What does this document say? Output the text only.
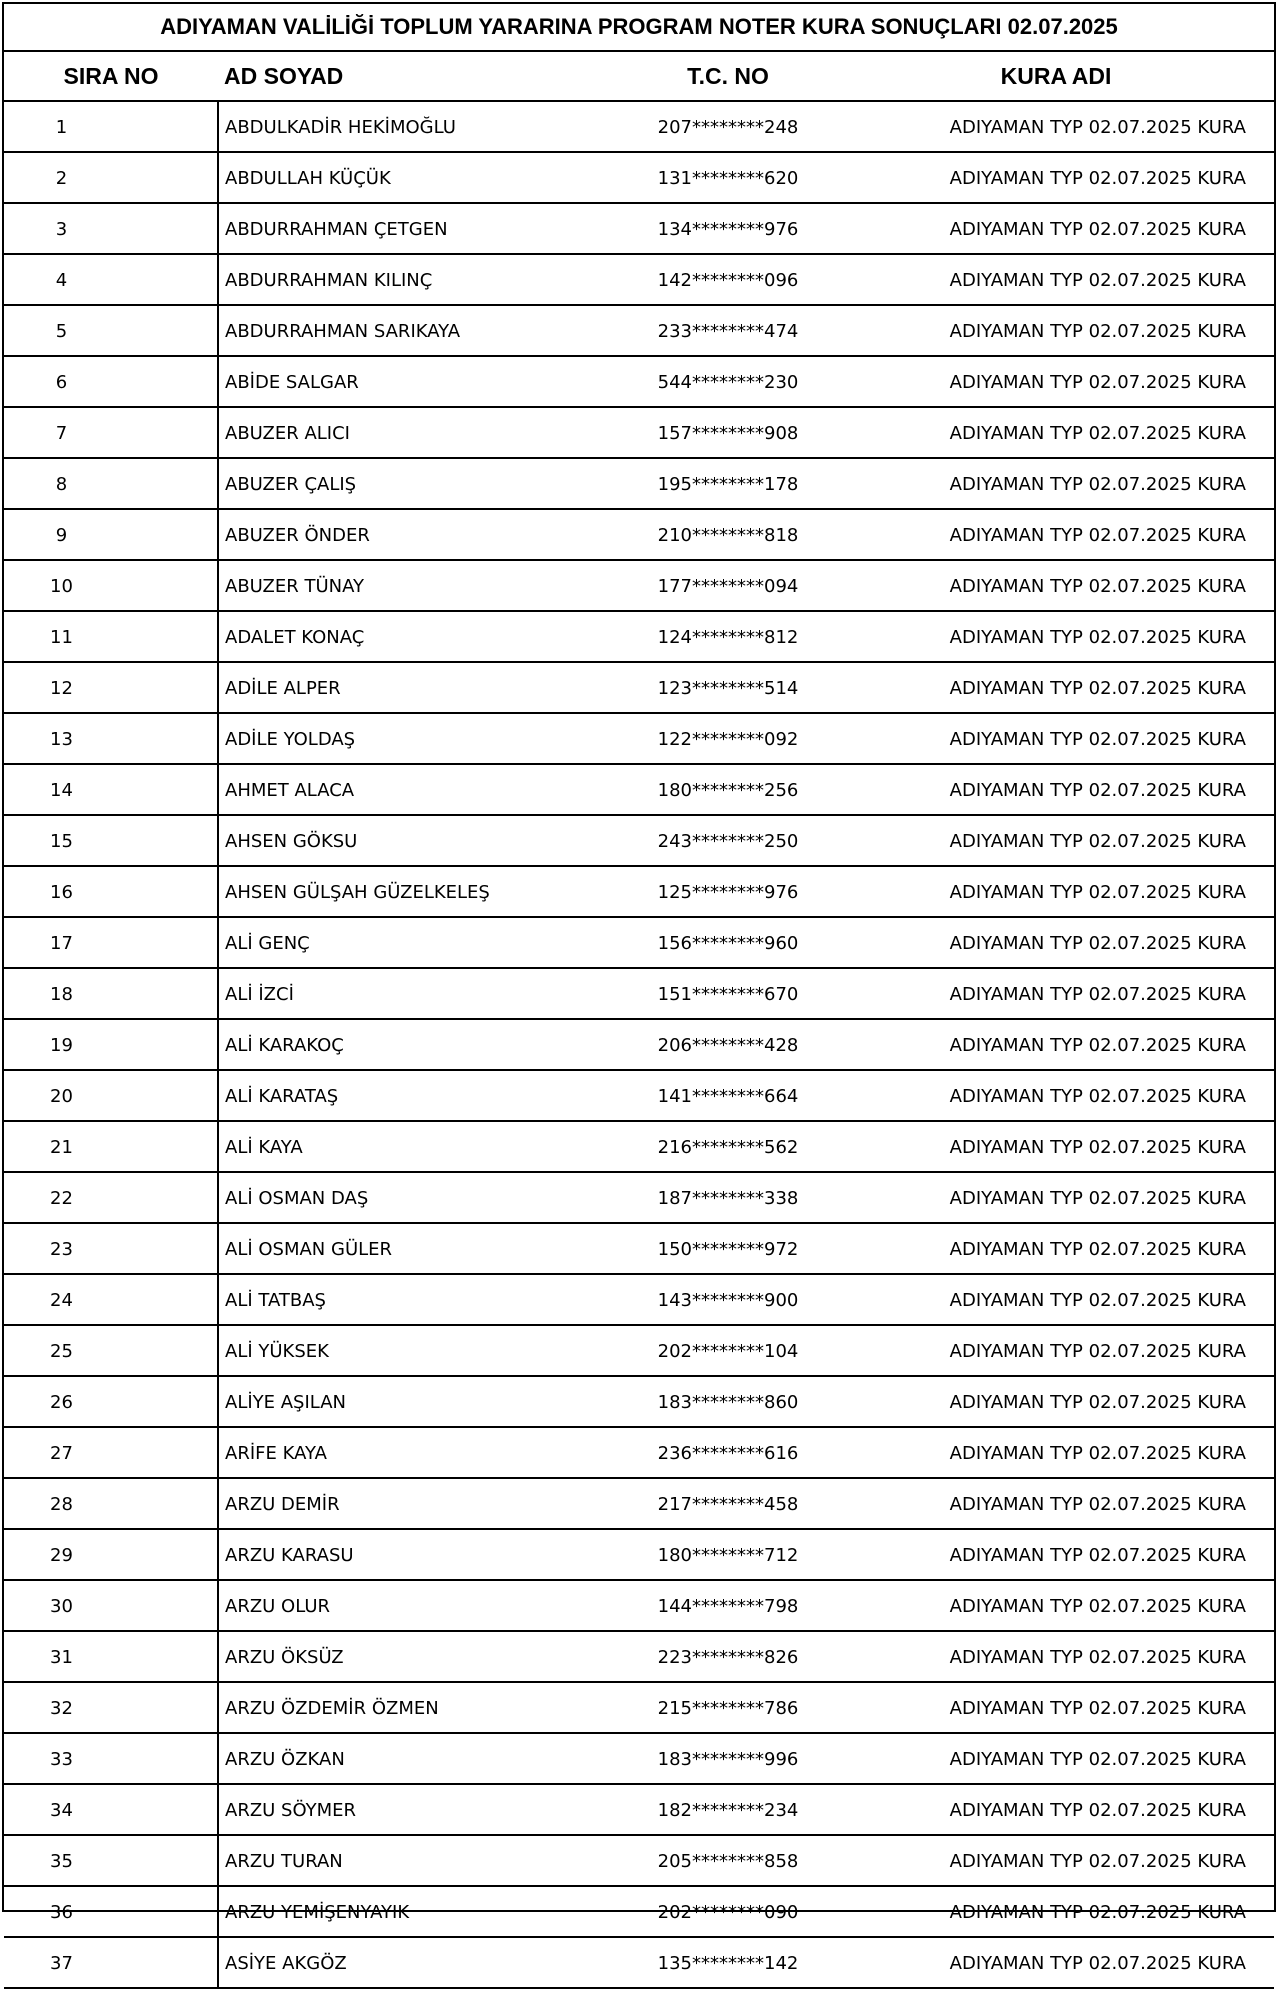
ADIYAMAN VALİLİĞİ TOPLUM YARARINA PROGRAM NOTER KURA SONUÇLARI 02.07.2025
SIRA NO	AD SOYAD	T.C. NO	KURA ADI
1	ABDULKADİR HEKİMOĞLU	207********248	ADIYAMAN TYP 02.07.2025 KURA
2	ABDULLAH KÜÇÜK	131********620	ADIYAMAN TYP 02.07.2025 KURA
3	ABDURRAHMAN ÇETGEN	134********976	ADIYAMAN TYP 02.07.2025 KURA
4	ABDURRAHMAN KILINÇ	142********096	ADIYAMAN TYP 02.07.2025 KURA
5	ABDURRAHMAN SARIKAYA	233********474	ADIYAMAN TYP 02.07.2025 KURA
6	ABİDE SALGAR	544********230	ADIYAMAN TYP 02.07.2025 KURA
7	ABUZER ALICI	157********908	ADIYAMAN TYP 02.07.2025 KURA
8	ABUZER ÇALIŞ	195********178	ADIYAMAN TYP 02.07.2025 KURA
9	ABUZER ÖNDER	210********818	ADIYAMAN TYP 02.07.2025 KURA
10	ABUZER TÜNAY	177********094	ADIYAMAN TYP 02.07.2025 KURA
11	ADALET KONAÇ	124********812	ADIYAMAN TYP 02.07.2025 KURA
12	ADİLE ALPER	123********514	ADIYAMAN TYP 02.07.2025 KURA
13	ADİLE YOLDAŞ	122********092	ADIYAMAN TYP 02.07.2025 KURA
14	AHMET ALACA	180********256	ADIYAMAN TYP 02.07.2025 KURA
15	AHSEN GÖKSU	243********250	ADIYAMAN TYP 02.07.2025 KURA
16	AHSEN GÜLŞAH GÜZELKELEŞ	125********976	ADIYAMAN TYP 02.07.2025 KURA
17	ALİ GENÇ	156********960	ADIYAMAN TYP 02.07.2025 KURA
18	ALİ İZCİ	151********670	ADIYAMAN TYP 02.07.2025 KURA
19	ALİ KARAKOÇ	206********428	ADIYAMAN TYP 02.07.2025 KURA
20	ALİ KARATAŞ	141********664	ADIYAMAN TYP 02.07.2025 KURA
21	ALİ KAYA	216********562	ADIYAMAN TYP 02.07.2025 KURA
22	ALİ OSMAN DAŞ	187********338	ADIYAMAN TYP 02.07.2025 KURA
23	ALİ OSMAN GÜLER	150********972	ADIYAMAN TYP 02.07.2025 KURA
24	ALİ TATBAŞ	143********900	ADIYAMAN TYP 02.07.2025 KURA
25	ALİ YÜKSEK	202********104	ADIYAMAN TYP 02.07.2025 KURA
26	ALİYE AŞILAN	183********860	ADIYAMAN TYP 02.07.2025 KURA
27	ARİFE KAYA	236********616	ADIYAMAN TYP 02.07.2025 KURA
28	ARZU DEMİR	217********458	ADIYAMAN TYP 02.07.2025 KURA
29	ARZU KARASU	180********712	ADIYAMAN TYP 02.07.2025 KURA
30	ARZU OLUR	144********798	ADIYAMAN TYP 02.07.2025 KURA
31	ARZU ÖKSÜZ	223********826	ADIYAMAN TYP 02.07.2025 KURA
32	ARZU ÖZDEMİR ÖZMEN	215********786	ADIYAMAN TYP 02.07.2025 KURA
33	ARZU ÖZKAN	183********996	ADIYAMAN TYP 02.07.2025 KURA
34	ARZU SÖYMER	182********234	ADIYAMAN TYP 02.07.2025 KURA
35	ARZU TURAN	205********858	ADIYAMAN TYP 02.07.2025 KURA
36	ARZU YEMİŞENYAYIK	202********090	ADIYAMAN TYP 02.07.2025 KURA
37	ASİYE AKGÖZ	135********142	ADIYAMAN TYP 02.07.2025 KURA
